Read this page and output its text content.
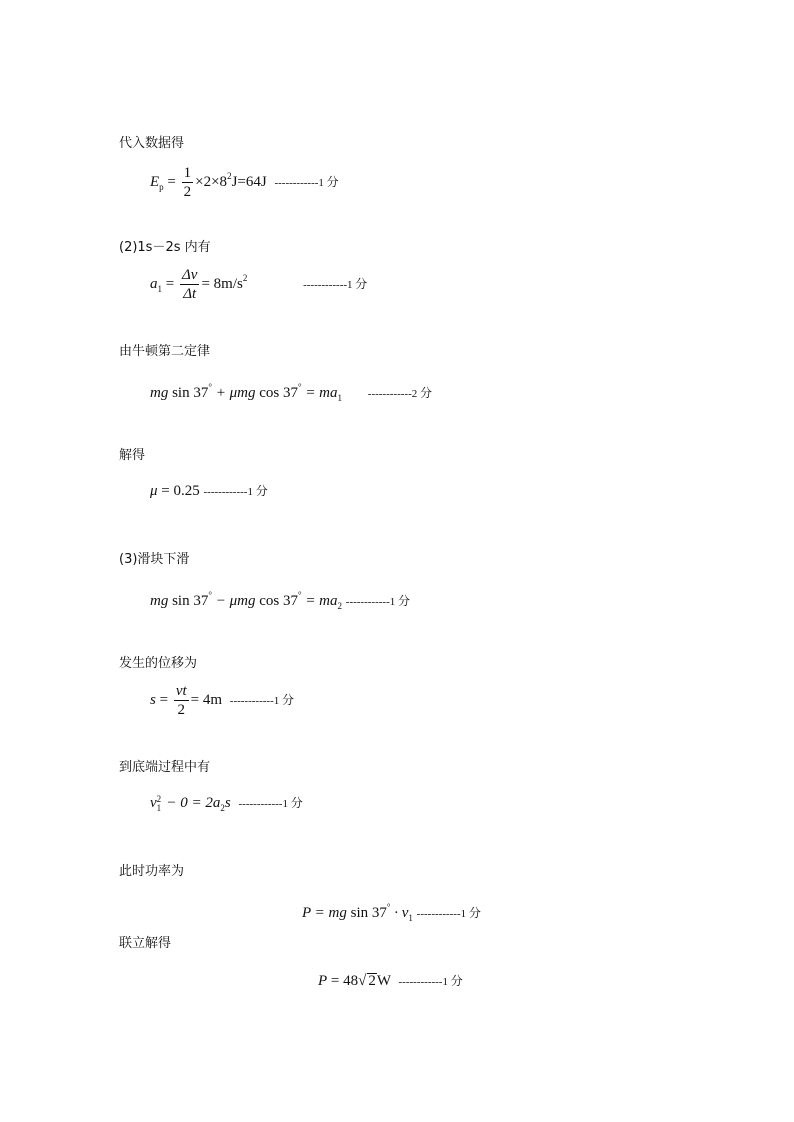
代入数据得
$E_p = \frac{1}{2} \times 2\times 8^2J=64J$ ------------1 分
(2)1s－2s 内有
$a_1 = \frac{\Delta v}{\Delta t} = 8m/s^2$ ------------1 分
由牛顿第二定律
mg sin 37° + μmg $\cos 37^\circ = ma_1$ ------------2 分
解得
μ = 0.25 ------------1 分
(3)滑块下滑
mg sin 37° − μmg $\cos 37^\circ = ma_2$ ------------1 分
发生的位移为
$s = \frac{vt}{2} = 4m$ ------------1 分
到底端过程中有
v 2
$1 - 0 = 2a_2s$ ------------1 分
此时功率为
P = mg $\sin 37^\circ \cdot v_1$ ------------1 分
联立解得
P = 48√ 2W ------------1 分
